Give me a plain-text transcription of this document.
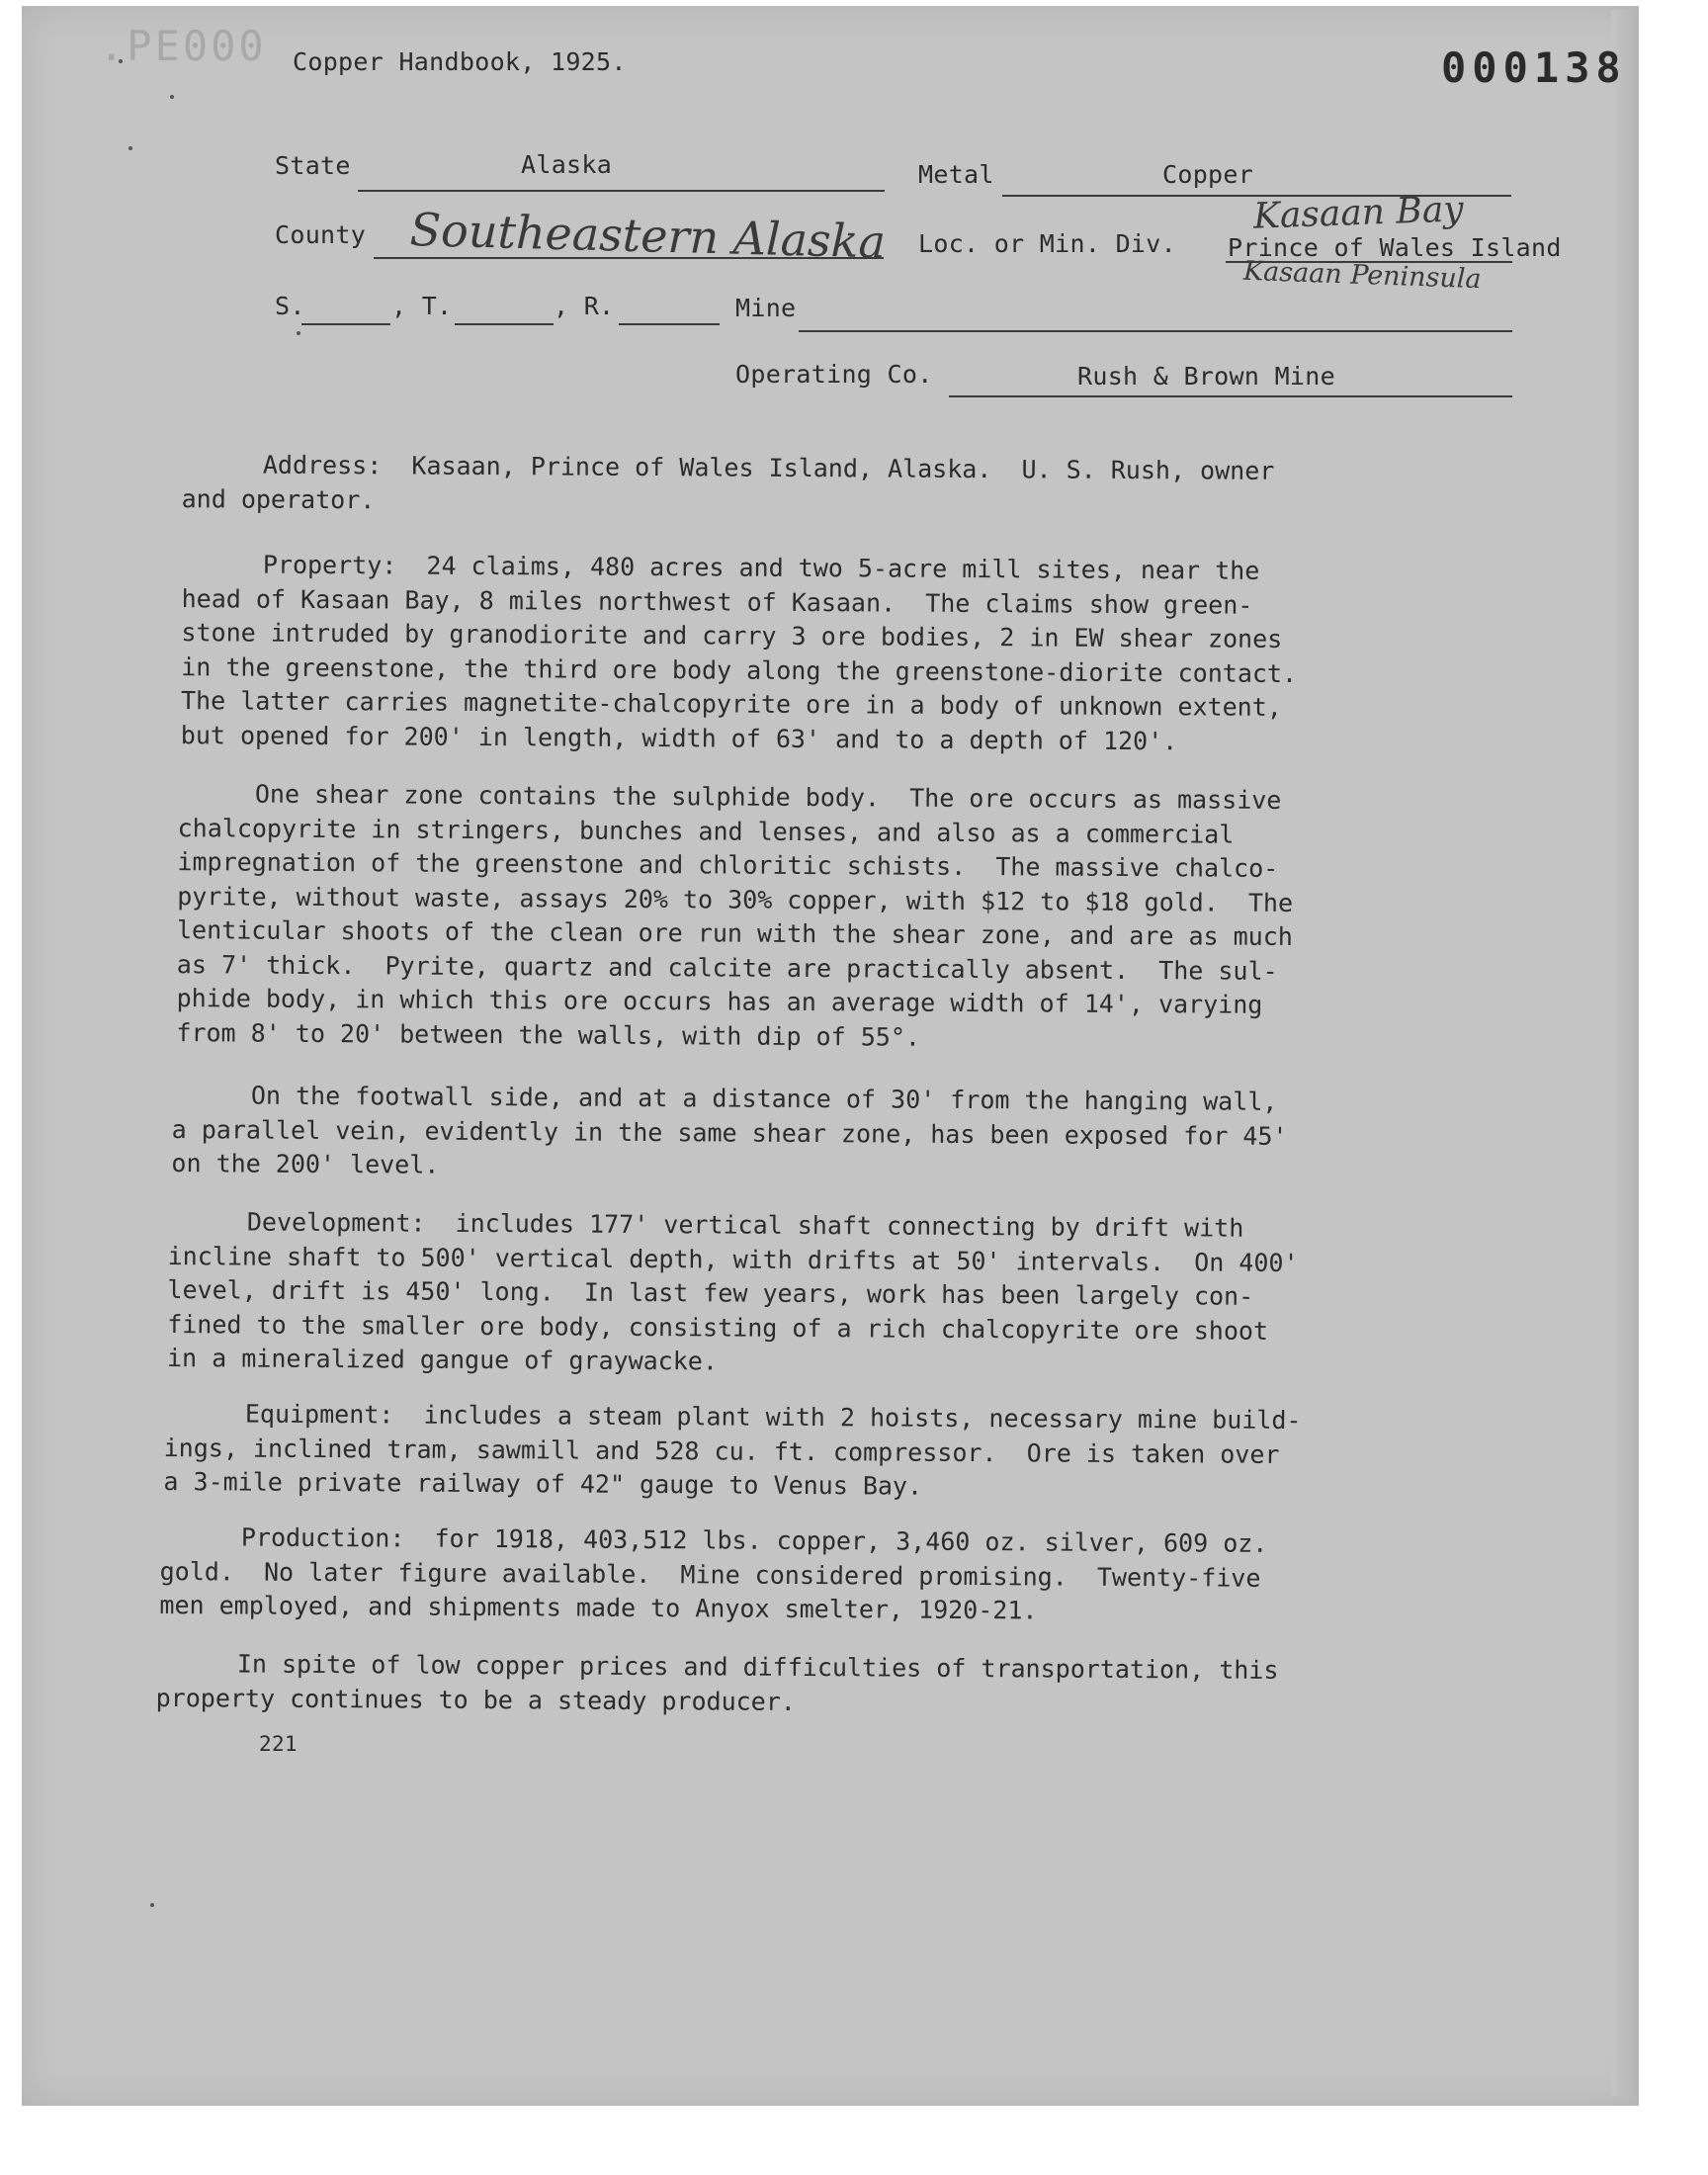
.PE000 Copper Handbook, 1925.	000138
State	Alaska	Metal	Copper
County Southeastern Alaska Loc. or Min. Div.
Kasaan Bay
Prince of Wales Island
Kasaan Peninsula
S.	, T.	, R.	Mine
Operating Co.	Rush & Brown Mine
Address:  Kasaan, Prince of Wales Island, Alaska.  U. S. Rush, owner
and operator.
Property:  24 claims, 480 acres and two 5-acre mill sites, near the
head of Kasaan Bay, 8 miles northwest of Kasaan.  The claims show green-
stone intruded by granodiorite and carry 3 ore bodies, 2 in EW shear zones
in the greenstone, the third ore body along the greenstone-diorite contact.
The latter carries magnetite-chalcopyrite ore in a body of unknown extent,
but opened for 200' in length, width of 63' and to a depth of 120'.
One shear zone contains the sulphide body.  The ore occurs as massive
chalcopyrite in stringers, bunches and lenses, and also as a commercial
impregnation of the greenstone and chloritic schists.  The massive chalco-
pyrite, without waste, assays 20% to 30% copper, with $12 to $18 gold.  The
lenticular shoots of the clean ore run with the shear zone, and are as much
as 7' thick.  Pyrite, quartz and calcite are practically absent.  The sul-
phide body, in which this ore occurs has an average width of 14', varying
from 8' to 20' between the walls, with dip of 55°.
On the footwall side, and at a distance of 30' from the hanging wall,
a parallel vein, evidently in the same shear zone, has been exposed for 45'
on the 200' level.
Development:  includes 177' vertical shaft connecting by drift with
incline shaft to 500' vertical depth, with drifts at 50' intervals.  On 400'
level, drift is 450' long.  In last few years, work has been largely con-
fined to the smaller ore body, consisting of a rich chalcopyrite ore shoot
in a mineralized gangue of graywacke.
Equipment:  includes a steam plant with 2 hoists, necessary mine build-
ings, inclined tram, sawmill and 528 cu. ft. compressor.  Ore is taken over
a 3-mile private railway of 42" gauge to Venus Bay.
Production:  for 1918, 403,512 lbs. copper, 3,460 oz. silver, 609 oz.
gold.  No later figure available.  Mine considered promising.  Twenty-five
men employed, and shipments made to Anyox smelter, 1920-21.
In spite of low copper prices and difficulties of transportation, this
property continues to be a steady producer.
221
